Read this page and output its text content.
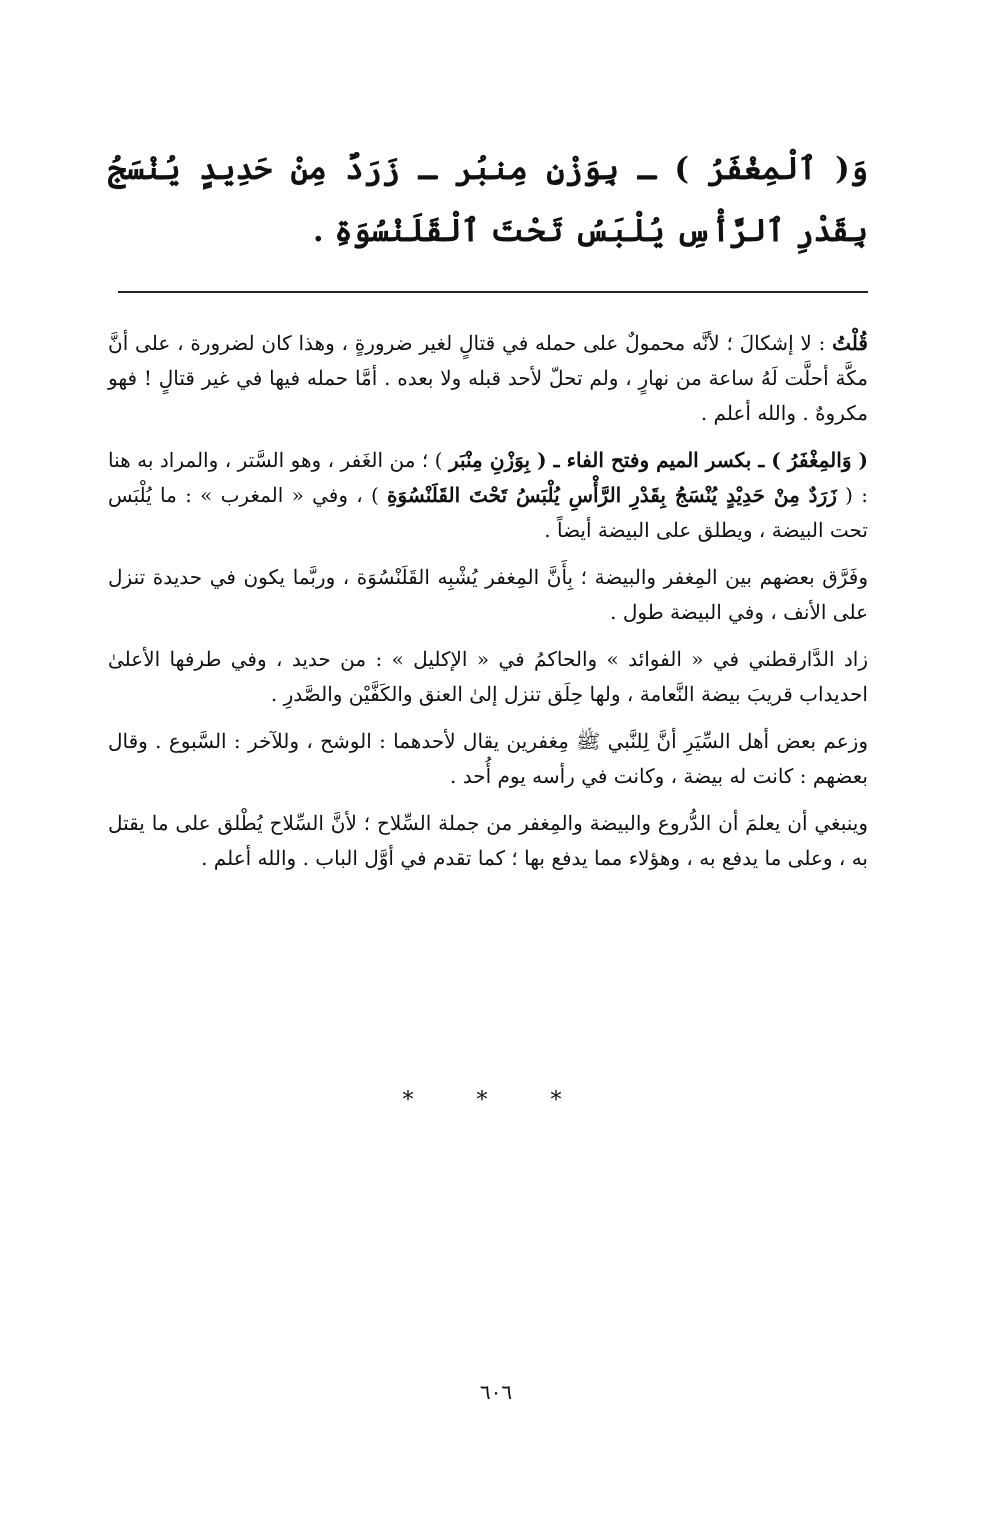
وَ( ٱلْمِغْفَرُ ) ـ بِوَزْنِ مِنبُر ـ زَرَدٌ مِنْ حَدِيدٍ يُنْسَجُ بِقَدْرِ ٱلرَّأْسِ يُلْبَسُ تَحْتَ ٱلْقَلَنْسُوَةِ .

قُلْتُ : لا إشكالَ ؛ لأنَّه محمولٌ على حمله في قتالٍ لغير ضرورةٍ ، وهذا كان لضرورة ، على أنَّ مكَّة أحلَّت لَهُ ساعة من نهارٍ ، ولم تحلّ لأحد قبله ولا بعده . أمَّا حمله فيها في غير قتالٍ ! فهو مكروهٌ . والله أعلم .

( وَالمِغْفَرُ ) ـ بكسر الميم وفتح الفاء ـ ( بِوَزْنِ مِنْبَر ) ؛ من الغَفر ، وهو السَّتر ، والمراد به هنا : ( زَرَدٌ مِنْ حَدِيْدٍ يُنْسَجُ بِقَدْرِ الرَّأْسِ يُلْبَسُ تَحْتَ القَلَنْسُوَةِ ) ، وفي « المغرب » : ما يُلْبَس تحت البيضة ، ويطلق على البيضة أيضاً .

وفَرَّق بعضهم بين المِغفر والبيضة ؛ بِأَنَّ المِغفر يُشْبِه القَلَنْسُوَة ، وربَّما يكون في حديدة تنزل على الأنف ، وفي البيضة طول .

زاد الدَّارقطني في « الفوائد » والحاكمُ في « الإكليل » : من حديد ، وفي طرفها الأعلىٰ احديداب قريبَ بيضة النَّعامة ، ولها حِلَق تنزل إلىٰ العنق والكَفَّيْن والصَّدرِ .

وزعم بعض أهل السِّيَرِ أنَّ لِلنَّبي ﷺ مِغفرين يقال لأحدهما : الوشح ، وللآخر : السَّبوع . وقال بعضهم : كانت له بيضة ، وكانت في رأسه يوم أُحد .

وينبغي أن يعلمَ أن الدُّروع والبيضة والمِغفر من جملة السِّلاح ؛ لأنَّ السِّلاح يُطْلق على ما يقتل به ، وعلى ما يدفع به ، وهؤلاء مما يدفع بها ؛ كما تقدم في أوَّل الباب . والله أعلم .

* * *
٦٠٦
